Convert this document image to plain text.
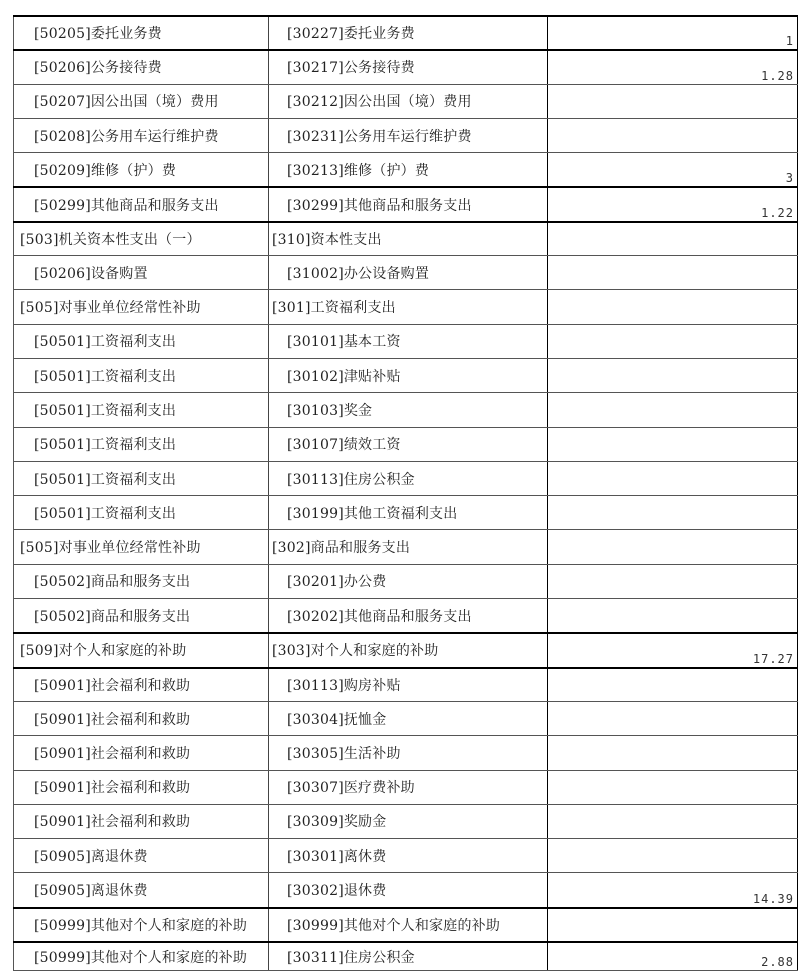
[50205]委托业务费	[30227]委托业务费	1
[50206]公务接待费	[30217]公务接待费	1.28
[50207]因公出国（境）费用	[30212]因公出国（境）费用
[50208]公务用车运行维护费	[30231]公务用车运行维护费
[50209]维修（护）费	[30213]维修（护）费	3
[50299]其他商品和服务支出	[30299]其他商品和服务支出	1.22
[503]机关资本性支出（一）	[310]资本性支出
[50206]设备购置	[31002]办公设备购置
[505]对事业单位经常性补助	[301]工资福利支出
[50501]工资福利支出	[30101]基本工资
[50501]工资福利支出	[30102]津贴补贴
[50501]工资福利支出	[30103]奖金
[50501]工资福利支出	[30107]绩效工资
[50501]工资福利支出	[30113]住房公积金
[50501]工资福利支出	[30199]其他工资福利支出
[505]对事业单位经常性补助	[302]商品和服务支出
[50502]商品和服务支出	[30201]办公费
[50502]商品和服务支出	[30202]其他商品和服务支出
[509]对个人和家庭的补助	[303]对个人和家庭的补助	17.27
[50901]社会福利和救助	[30113]购房补贴
[50901]社会福利和救助	[30304]抚恤金
[50901]社会福利和救助	[30305]生活补助
[50901]社会福利和救助	[30307]医疗费补助
[50901]社会福利和救助	[30309]奖励金
[50905]离退休费	[30301]离休费
[50905]离退休费	[30302]退休费	14.39
[50999]其他对个人和家庭的补助	[30999]其他对个人和家庭的补助
[50999]其他对个人和家庭的补助	[30311]住房公积金	2.88
